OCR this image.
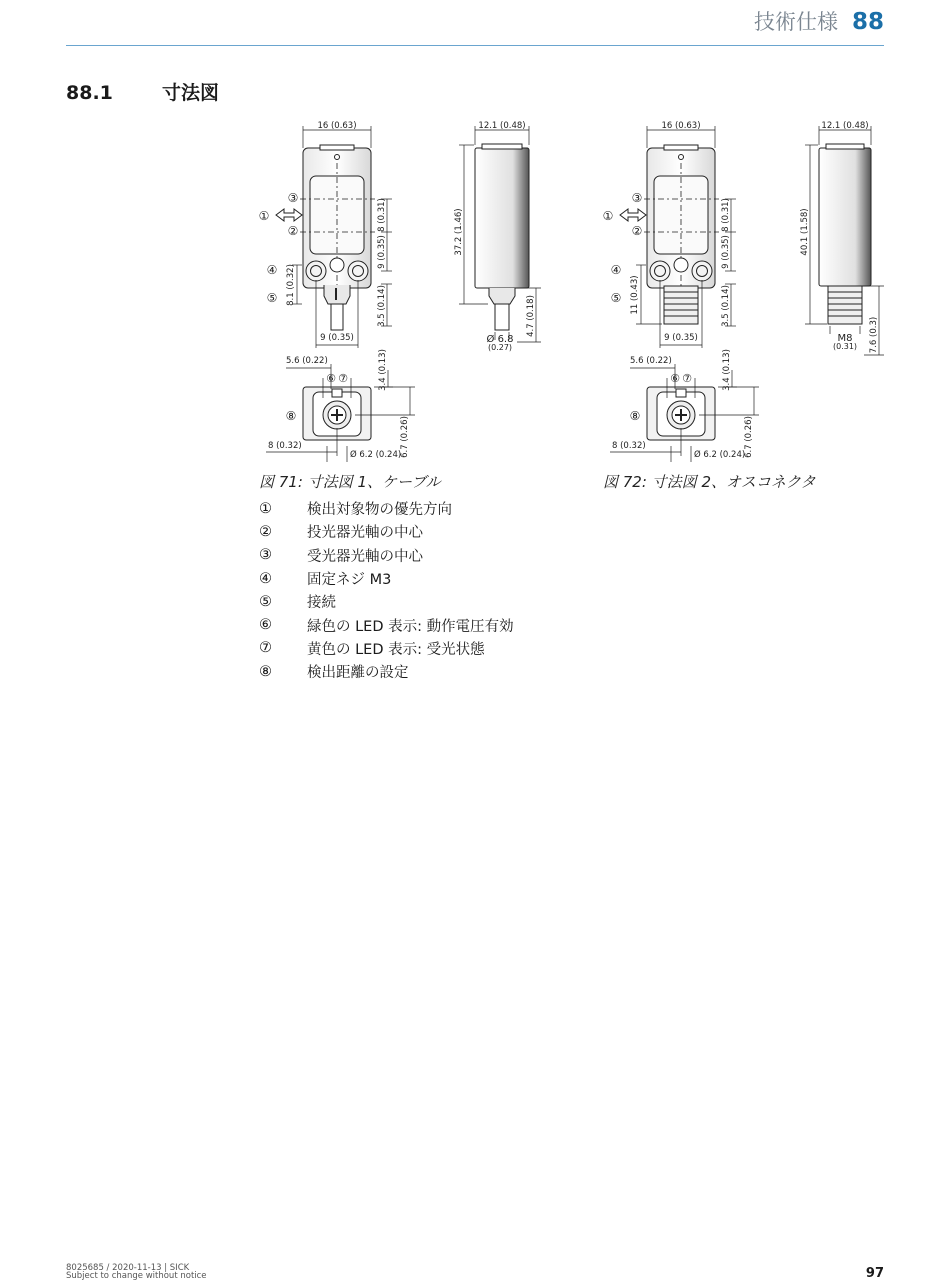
技術仕様 88
88.1	寸法図
16 (0.63)
8 (0.31)
9 (0.35)
3.5 (0.14)
8.1 (0.32)
9 (0.35)
③
①
②
④
⑤
12.1 (0.48)
37.2 (1.46)
4.7 (0.18)
Ø 6.8
(0.27)
5.6 (0.22)	3.4 (0.13)
8 (0.32)
Ø 6.2 (0.24)
6.7 (0.26)
⑥ ⑦
⑧
16 (0.63)
8 (0.31)
9 (0.35)
3.5 (0.14)
11 (0.43)
9 (0.35)
③
①
②
④
⑤
12.1 (0.48)
40.1 (1.58)
7.6 (0.3)
M8
(0.31)
5.6 (0.22)	3.4 (0.13)
8 (0.32)
Ø 6.2 (0.24)
6.7 (0.26)
⑥ ⑦
⑧
図 71: 寸法図 1、ケーブル	図 72: 寸法図 2、オスコネクタ
①	検出対象物の優先方向
②	投光器光軸の中心
③	受光器光軸の中心
④	固定ネジ M3
⑤	接続
⑥	緑色の LED 表示: 動作電圧有効
⑦	黄色の LED 表示: 受光状態
⑧	検出距離の設定
8025685 / 2020-11-13 | SICK
Subject to change without notice	97
